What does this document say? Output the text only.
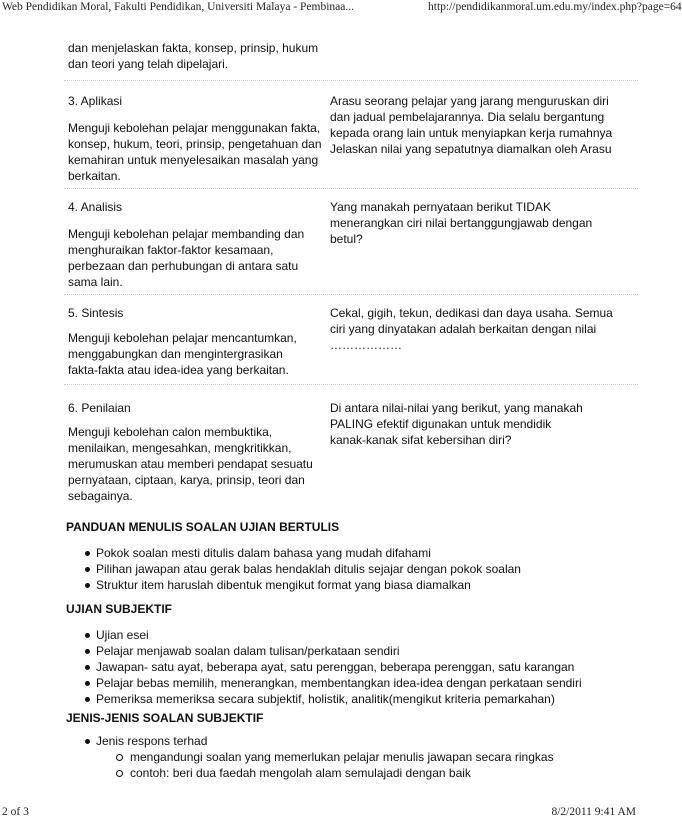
Web Pendidikan Moral, Fakulti Pendidikan, Universiti Malaya - Pembinaa...	http://pendidikanmoral.um.edu.my/index.php?page=64
dan menjelaskan fakta, konsep, prinsip, hukum
dan teori yang telah dipelajari.
3. Aplikasi
Menguji kebolehan pelajar menggunakan fakta,
konsep, hukum, teori, prinsip, pengetahuan dan
kemahiran untuk menyelesaikan masalah yang
berkaitan.
Arasu seorang pelajar yang jarang menguruskan diri
dan jadual pembelajarannya. Dia selalu bergantung
kepada orang lain untuk menyiapkan kerja rumahnya
Jelaskan nilai yang sepatutnya diamalkan oleh Arasu
4. Analisis
Menguji kebolehan pelajar membanding dan
menghuraikan faktor-faktor kesamaan,
perbezaan dan perhubungan di antara satu
sama lain.
Yang manakah pernyataan berikut TIDAK
menerangkan ciri nilai bertanggungjawab dengan
betul?
5. Sintesis
Menguji kebolehan pelajar mencantumkan,
menggabungkan dan mengintergrasikan
fakta-fakta atau idea-idea yang berkaitan.
Cekal, gigih, tekun, dedikasi dan daya usaha. Semua
ciri yang dinyatakan adalah berkaitan dengan nilai
………………
6. Penilaian
Menguji kebolehan calon membuktika,
menilaikan, mengesahkan, mengkritikkan,
merumuskan atau memberi pendapat sesuatu
pernyataan, ciptaan, karya, prinsip, teori dan
sebagainya.
Di antara nilai-nilai yang berikut, yang manakah
PALING efektif digunakan untuk mendidik
kanak-kanak sifat kebersihan diri?
PANDUAN MENULIS SOALAN UJIAN BERTULIS
Pokok soalan mesti ditulis dalam bahasa yang mudah difahami
Pilihan jawapan atau gerak balas hendaklah ditulis sejajar dengan pokok soalan
Struktur item haruslah dibentuk mengikut format yang biasa diamalkan
UJIAN SUBJEKTIF
Ujian esei
Pelajar menjawab soalan dalam tulisan/perkataan sendiri
Jawapan- satu ayat, beberapa ayat, satu perenggan, beberapa perenggan, satu karangan
Pelajar bebas memilih, menerangkan, membentangkan idea-idea dengan perkataan sendiri
Pemeriksa memeriksa secara subjektif, holistik, analitik(mengikut kriteria pemarkahan)
JENIS-JENIS SOALAN SUBJEKTIF
Jenis respons terhad
mengandungi soalan yang memerlukan pelajar menulis jawapan secara ringkas
contoh: beri dua faedah mengolah alam semulajadi dengan baik
2 of 3	8/2/2011 9:41 AM
